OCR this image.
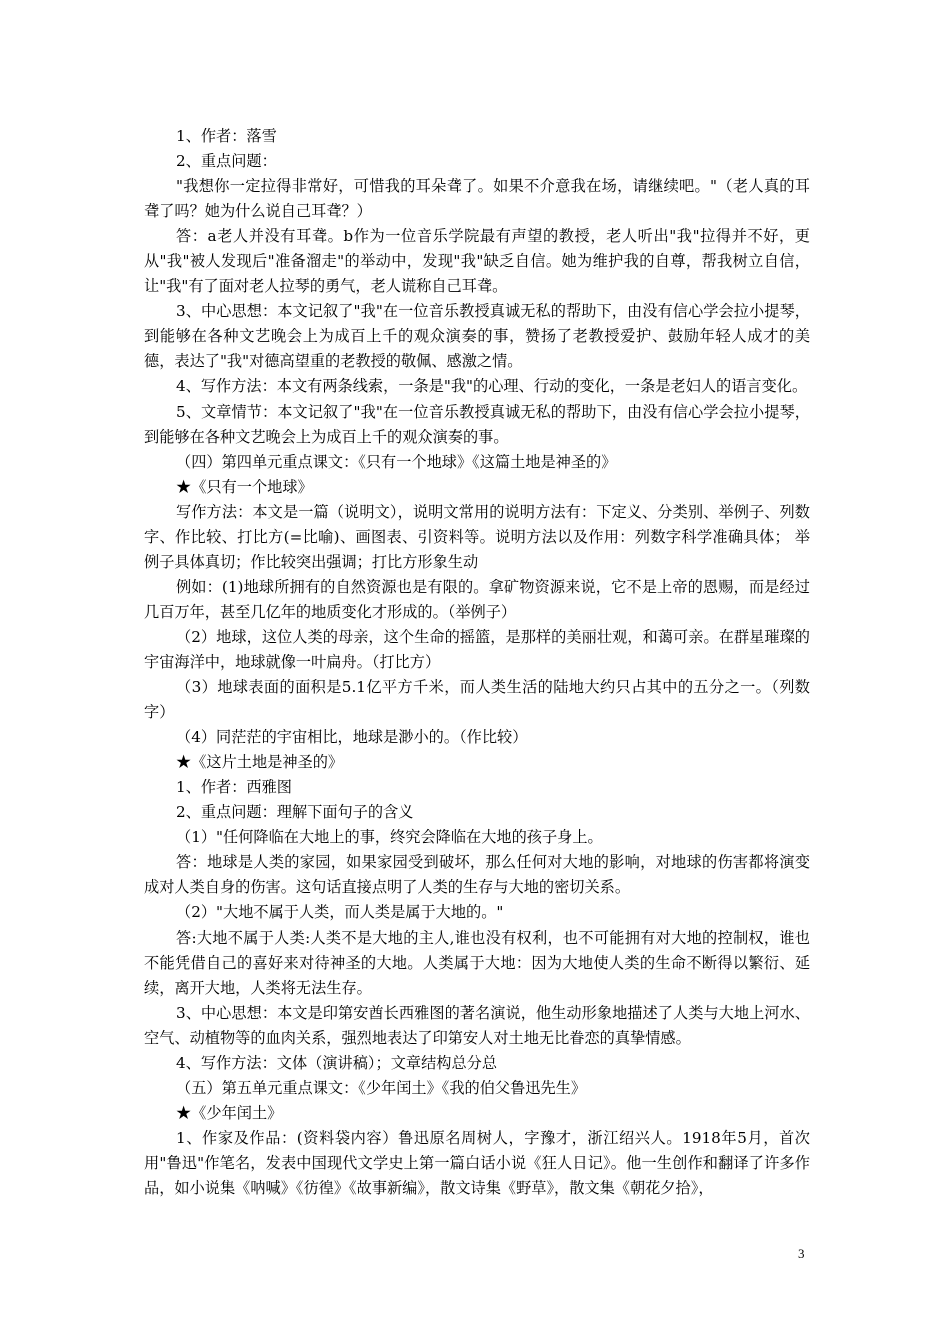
1、作者：落雪

2、重点问题：

"我想你一定拉得非常好，可惜我的耳朵聋了。如果不介意我在场，请继续吧。"（老人真的耳聋了吗？她为什么说自己耳聋？）

答：a老人并没有耳聋。b作为一位音乐学院最有声望的教授，老人听出"我"拉得并不好，更从"我"被人发现后"准备溜走"的举动中，发现"我"缺乏自信。她为维护我的自尊，帮我树立自信，让"我"有了面对老人拉琴的勇气，老人谎称自己耳聋。

3、中心思想：本文记叙了"我"在一位音乐教授真诚无私的帮助下，由没有信心学会拉小提琴，到能够在各种文艺晚会上为成百上千的观众演奏的事，赞扬了老教授爱护、鼓励年轻人成才的美德，表达了"我"对德高望重的老教授的敬佩、感激之情。

4、写作方法：本文有两条线索，一条是"我"的心理、行动的变化，一条是老妇人的语言变化。

5、文章情节：本文记叙了"我"在一位音乐教授真诚无私的帮助下，由没有信心学会拉小提琴，到能够在各种文艺晚会上为成百上千的观众演奏的事。

（四）第四单元重点课文：《只有一个地球》《这篇土地是神圣的》

★《只有一个地球》

写作方法：本文是一篇（说明文），说明文常用的说明方法有：下定义、分类别、举例子、列数字、作比较、打比方(=比喻)、画图表、引资料等。说明方法以及作用：列数字科学准确具体； 举例子具体真切；作比较突出强调；打比方形象生动

例如：(1)地球所拥有的自然资源也是有限的。拿矿物资源来说，它不是上帝的恩赐，而是经过几百万年，甚至几亿年的地质变化才形成的。（举例子）

（2）地球，这位人类的母亲，这个生命的摇篮，是那样的美丽壮观，和蔼可亲。在群星璀璨的宇宙海洋中，地球就像一叶扁舟。（打比方）

（3）地球表面的面积是5.1亿平方千米，而人类生活的陆地大约只占其中的五分之一。（列数字）

（4）同茫茫的宇宙相比，地球是渺小的。（作比较）

★《这片土地是神圣的》

1、作者：西雅图

2、重点问题：理解下面句子的含义

（1）"任何降临在大地上的事，终究会降临在大地的孩子身上。

答：地球是人类的家园，如果家园受到破坏，那么任何对大地的影响，对地球的伤害都将演变成对人类自身的伤害。这句话直接点明了人类的生存与大地的密切关系。

（2）"大地不属于人类，而人类是属于大地的。"

答:大地不属于人类:人类不是大地的主人,谁也没有权利，也不可能拥有对大地的控制权，谁也不能凭借自己的喜好来对待神圣的大地。人类属于大地：因为大地使人类的生命不断得以繁衍、延续，离开大地，人类将无法生存。

3、中心思想：本文是印第安酋长西雅图的著名演说，他生动形象地描述了人类与大地上河水、空气、动植物等的血肉关系，强烈地表达了印第安人对土地无比眷恋的真挚情感。

4、写作方法：文体（演讲稿）；文章结构总分总

（五）第五单元重点课文：《少年闰土》《我的伯父鲁迅先生》

★《少年闰土》

1、作家及作品：(资料袋内容）鲁迅原名周树人，字豫才，浙江绍兴人。1918年5月，首次用"鲁迅"作笔名，发表中国现代文学史上第一篇白话小说《狂人日记》。他一生创作和翻译了许多作品，如小说集《呐喊》《彷徨》《故事新编》，散文诗集《野草》，散文集《朝花夕拾》，

3
